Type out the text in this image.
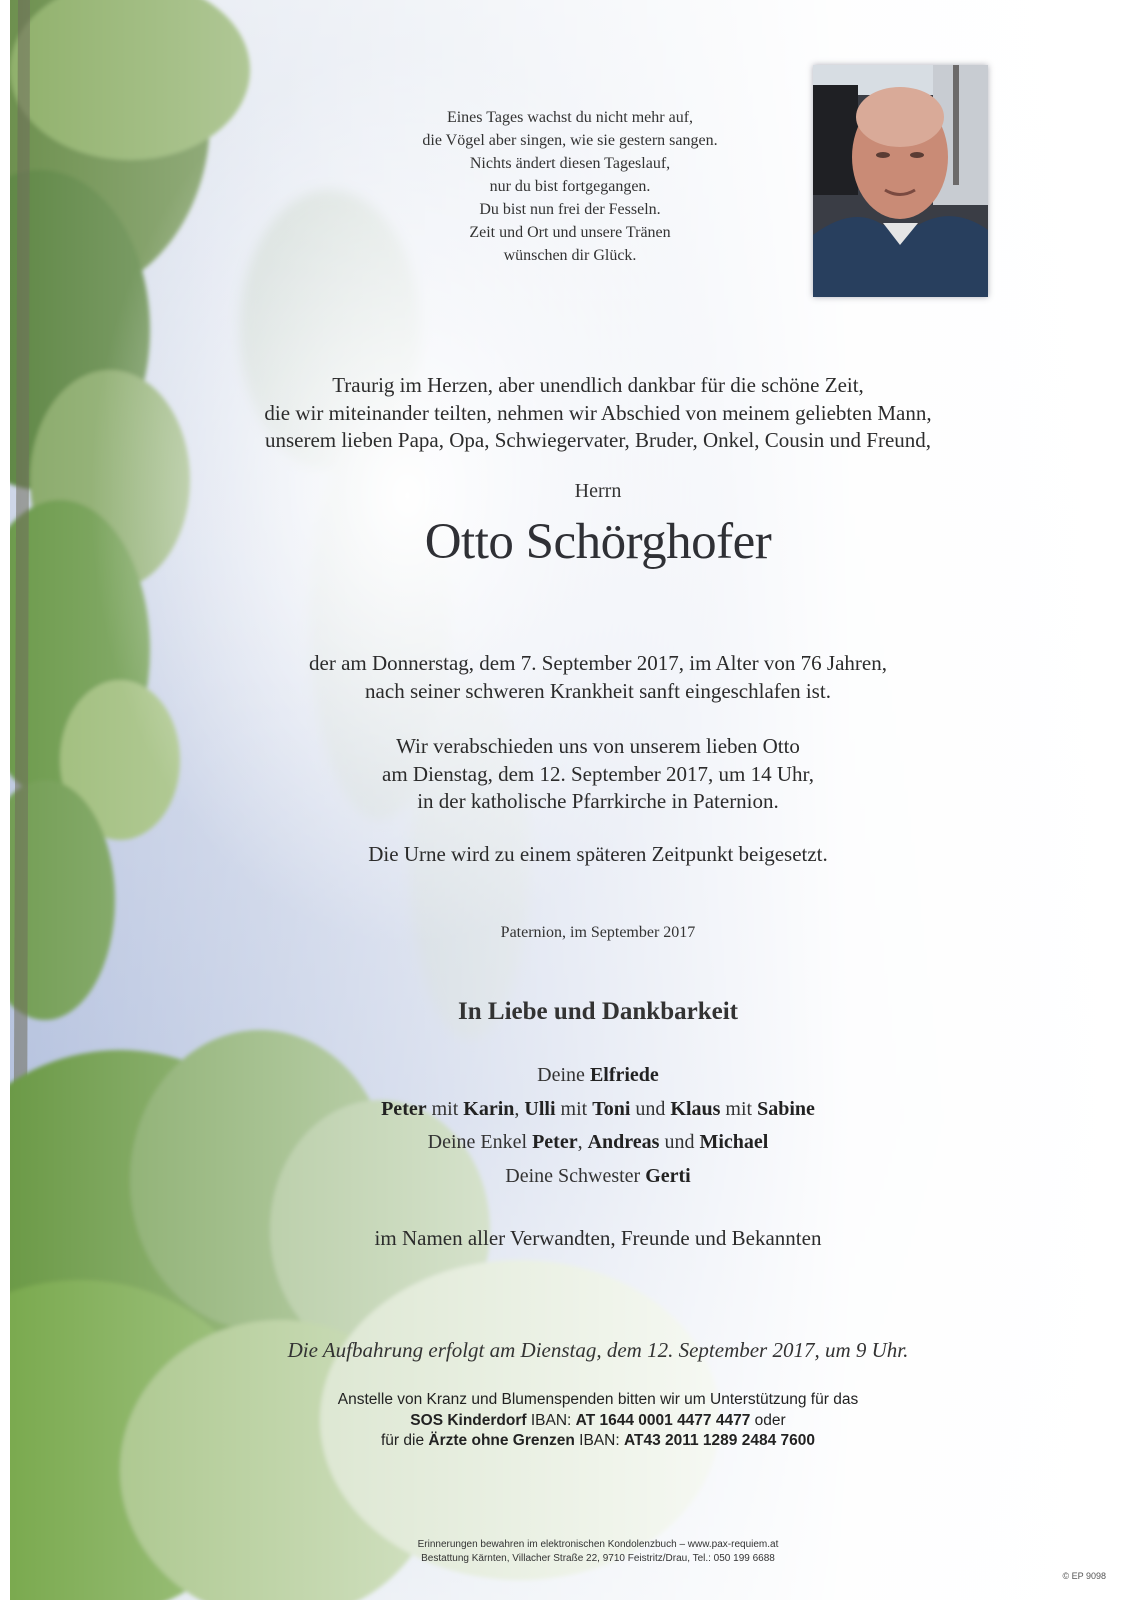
Eines Tages wachst du nicht mehr auf,
die Vögel aber singen, wie sie gestern sangen.
Nichts ändert diesen Tageslauf,
nur du bist fortgegangen.
Du bist nun frei der Fesseln.
Zeit und Ort und unsere Tränen
wünschen dir Glück.
Traurig im Herzen, aber unendlich dankbar für die schöne Zeit,
die wir miteinander teilten, nehmen wir Abschied von meinem geliebten Mann,
unserem lieben Papa, Opa, Schwiegervater, Bruder, Onkel, Cousin und Freund,
Herrn
Otto Schörghofer
der am Donnerstag, dem 7. September 2017, im Alter von 76 Jahren,
nach seiner schweren Krankheit sanft eingeschlafen ist.
Wir verabschieden uns von unserem lieben Otto
am Dienstag, dem 12. September 2017, um 14 Uhr,
in der katholische Pfarrkirche in Paternion.
Die Urne wird zu einem späteren Zeitpunkt beigesetzt.
Paternion, im September 2017
In Liebe und Dankbarkeit
Deine Elfriede
Peter mit Karin, Ulli mit Toni und Klaus mit Sabine
Deine Enkel Peter, Andreas und Michael
Deine Schwester Gerti
im Namen aller Verwandten, Freunde und Bekannten
Die Aufbahrung erfolgt am Dienstag, dem 12. September 2017, um 9 Uhr.
Anstelle von Kranz und Blumenspenden bitten wir um Unterstützung für das
SOS Kinderdorf IBAN: AT 1644 0001 4477 4477 oder
für die Ärzte ohne Grenzen IBAN: AT43 2011 1289 2484 7600
Erinnerungen bewahren im elektronischen Kondolenzbuch – www.pax-requiem.at
Bestattung Kärnten, Villacher Straße 22, 9710 Feistritz/Drau, Tel.: 050 199 6688
© EP 9098
